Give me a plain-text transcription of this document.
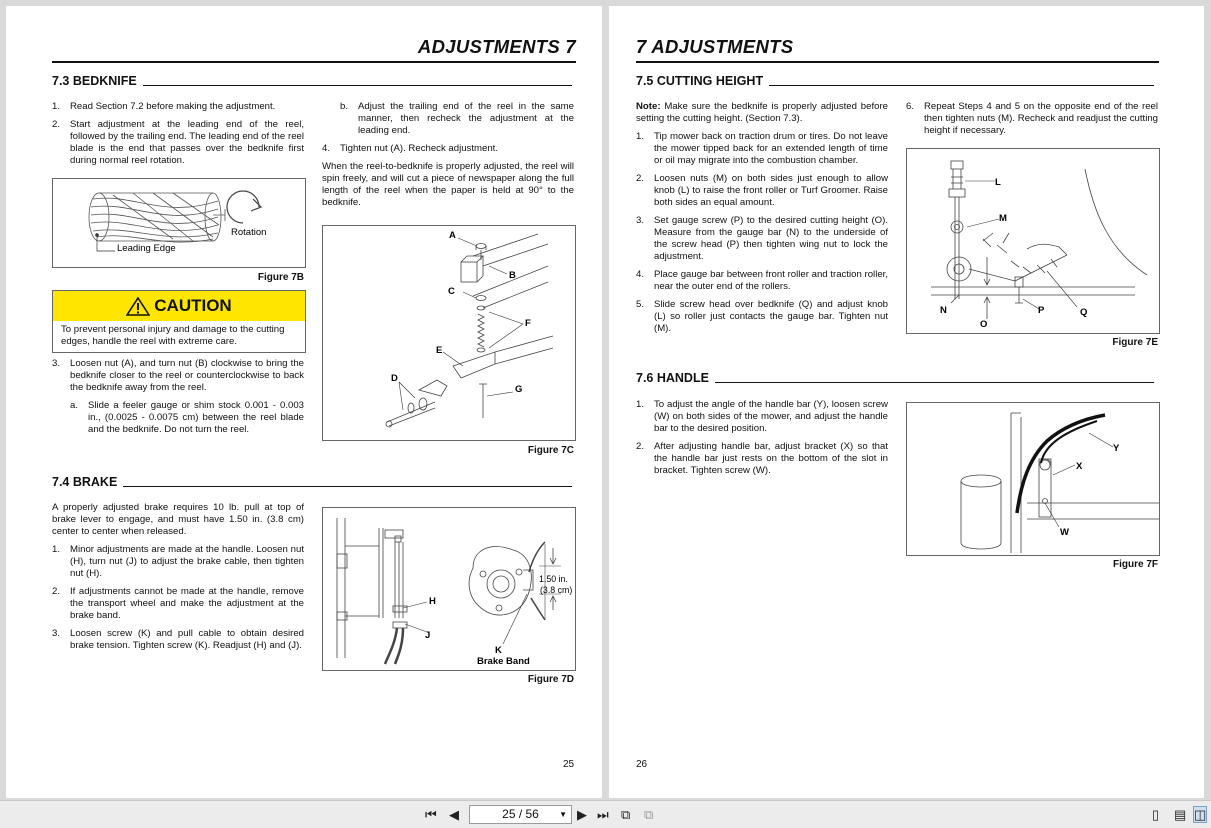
ADJUSTMENTS 7
7.3 BEDKNIFE
1.	Read Section 7.2 before making the adjustment.
2.	Start adjustment at the leading end of the reel, followed by the trailing end. The leading end of the reel blade is the end that passes over the bedknife first during normal reel rotation.
Rotation
Leading Edge
Figure 7B
CAUTION
To prevent personal injury and damage to the cutting edges, handle the reel with extreme care.
3.	Loosen nut (A), and turn nut (B) clockwise to bring the bedknife closer to the reel or counterclockwise to back the bedknife away from the reel.
a.	Slide a feeler gauge or shim stock 0.001 - 0.003 in., (0.0025 - 0.0075 cm) between the reel blade and the bedknife. Do not turn the reel.
b.	Adjust the trailing end of the reel in the same manner, then recheck the adjustment at the leading end.
4.	Tighten nut (A). Recheck adjustment.

When the reel-to-bedknife is properly adjusted, the reel will spin freely, and will cut a piece of newspaper along the full length of the reel when the paper is held at 90° to the bedknife.

A
B
C
D
E
F
G
Figure 7C
7.4 BRAKE

A properly adjusted brake requires 10 lb. pull at top of brake lever to engage, and must have 1.50 in. (3.8 cm) center to center when released.

1.	Minor adjustments are made at the handle. Loosen nut (H), turn nut (J) to adjust the brake cable, then tighten nut (H).
2.	If adjustments cannot be made at the handle, remove the transport wheel and make the adjustment at the brake band.
3.	Loosen screw (K) and pull cable to obtain desired brake tension. Tighten screw (K). Readjust (H) and (J).
H
J
K
Brake Band
1.50 in.
(3.8 cm)
Figure 7D
25
7 ADJUSTMENTS
7.5 CUTTING HEIGHT

Note: Make sure the bedknife is properly adjusted before setting the cutting height. (Section 7.3).

1.	Tip mower back on traction drum or tires. Do not leave the mower tipped back for an extended length of time or oil may migrate into the combustion chamber.
2.	Loosen nuts (M) on both sides just enough to allow knob (L) to raise the front roller or Turf Groomer. Raise both sides an equal amount.
3.	Set gauge screw (P) to the desired cutting height (O). Measure from the gauge bar (N) to the underside of the screw head (P) then tighten wing nut to lock the adjustment.
4.	Place gauge bar between front roller and traction roller, near the outer end of the rollers.
5.	Slide screw head over bedknife (Q) and adjust knob (L) so roller just contacts the gauge bar. Tighten nut (M).
6.	Repeat Steps 4 and 5 on the opposite end of the reel then tighten nuts (M). Recheck and readjust the cutting height if necessary.
L
M
N
O
P	Q
Figure 7E
7.6 HANDLE
1.	To adjust the angle of the handle bar (Y), loosen screw (W) on both sides of the mower, and adjust the handle bar to the desired position.
2.	After adjusting handle bar, adjust bracket (X) so that the handle bar just rests on the bottom of the slot in bracket. Tighten screw (W).
Y
X
W
Figure 7F
26
⏮ ◀	25 / 56	▼ ▶ ⏭ ⧉ ⧉	▯ ▤ ◫
